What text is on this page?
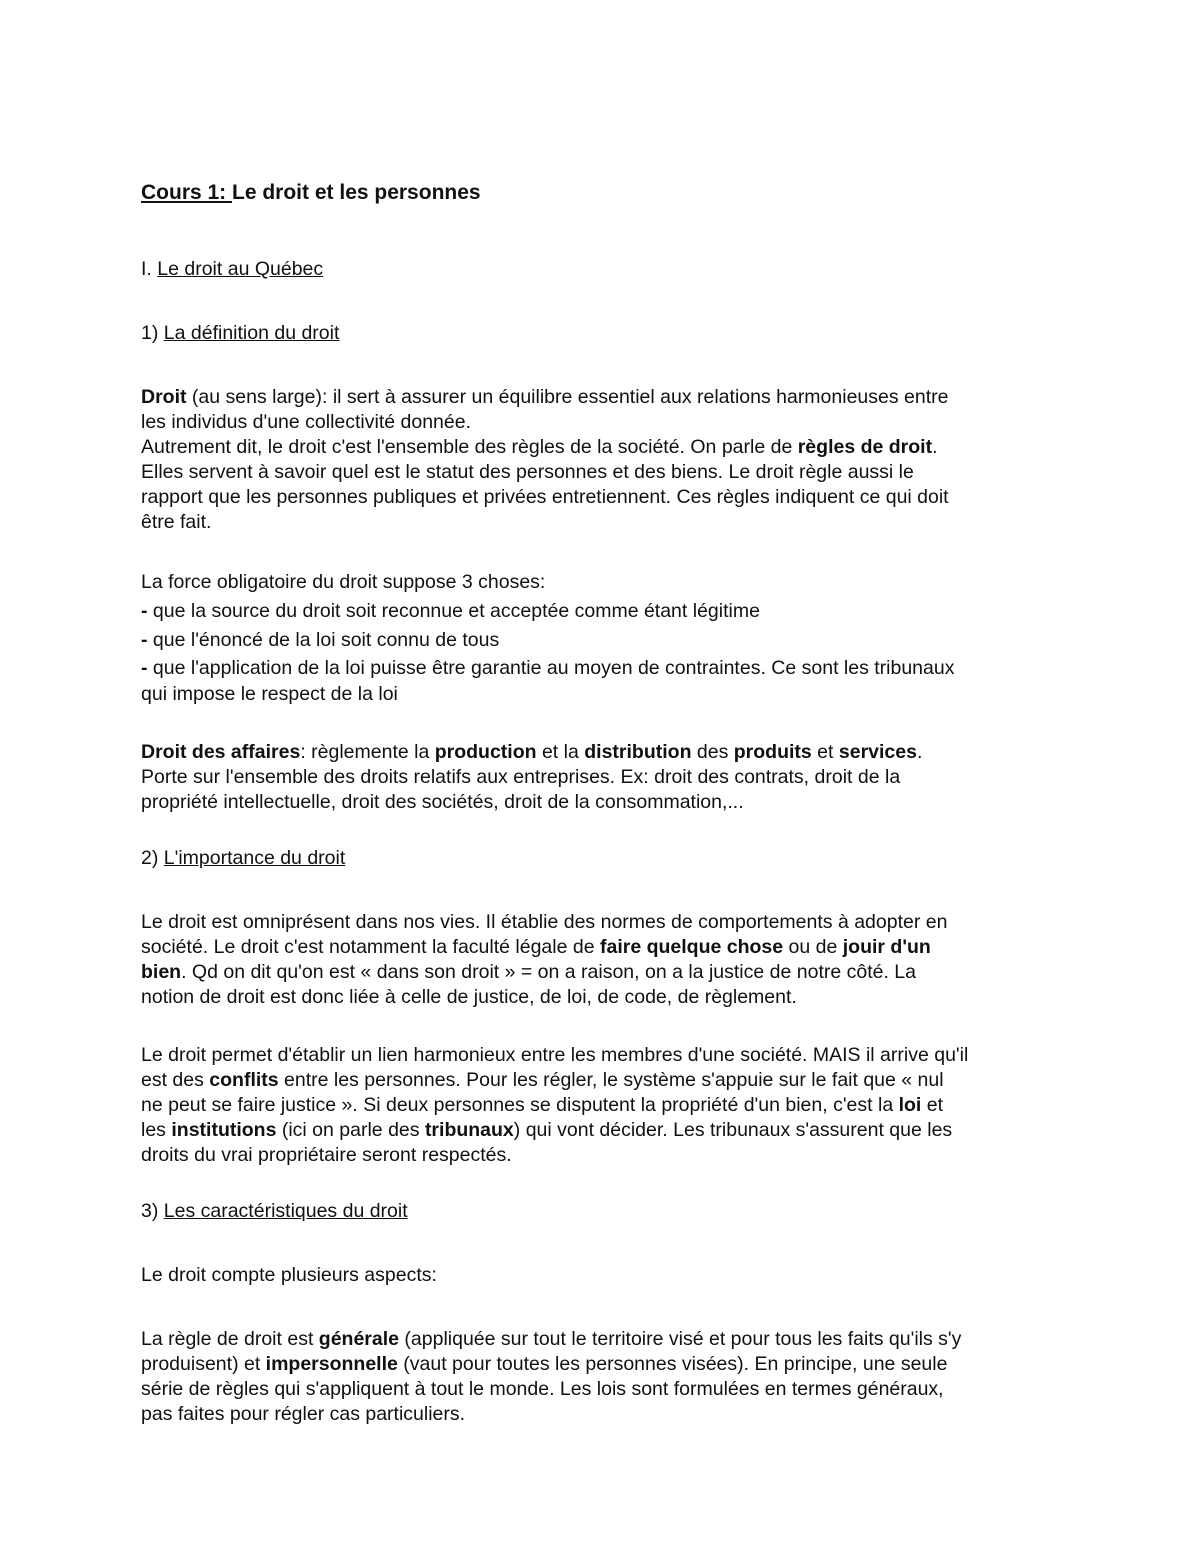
Cours 1: Le droit et les personnes

I. Le droit au Québec

1) La définition du droit

Droit (au sens large): il sert à assurer un équilibre essentiel aux relations harmonieuses entre

les individus d'une collectivité donnée.

Autrement dit, le droit c'est l'ensemble des règles de la société. On parle de règles de droit.

Elles servent à savoir quel est le statut des personnes et des biens. Le droit règle aussi le

rapport que les personnes publiques et privées entretiennent. Ces règles indiquent ce qui doit

être fait.

La force obligatoire du droit suppose 3 choses:

- que la source du droit soit reconnue et acceptée comme étant légitime

- que l'énoncé de la loi soit connu de tous

- que l'application de la loi puisse être garantie au moyen de contraintes. Ce sont les tribunaux

qui impose le respect de la loi

Droit des affaires: règlemente la production et la distribution des produits et services.

Porte sur l'ensemble des droits relatifs aux entreprises. Ex: droit des contrats, droit de la

propriété intellectuelle, droit des sociétés, droit de la consommation,...

2) L'importance du droit

Le droit est omniprésent dans nos vies. Il établie des normes de comportements à adopter en

société. Le droit c'est notamment la faculté légale de faire quelque chose ou de jouir d'un

bien. Qd on dit qu'on est « dans son droit » = on a raison, on a la justice de notre côté. La

notion de droit est donc liée à celle de justice, de loi, de code, de règlement.

Le droit permet d'établir un lien harmonieux entre les membres d'une société. MAIS il arrive qu'il

est des conflits entre les personnes. Pour les régler, le système s'appuie sur le fait que « nul

ne peut se faire justice ». Si deux personnes se disputent la propriété d'un bien, c'est la loi et

les institutions (ici on parle des tribunaux) qui vont décider. Les tribunaux s'assurent que les

droits du vrai propriétaire seront respectés.

3) Les caractéristiques du droit

Le droit compte plusieurs aspects:

La règle de droit est générale (appliquée sur tout le territoire visé et pour tous les faits qu'ils s'y

produisent) et impersonnelle (vaut pour toutes les personnes visées). En principe, une seule

série de règles qui s'appliquent à tout le monde. Les lois sont formulées en termes généraux,

pas faites pour régler cas particuliers.
